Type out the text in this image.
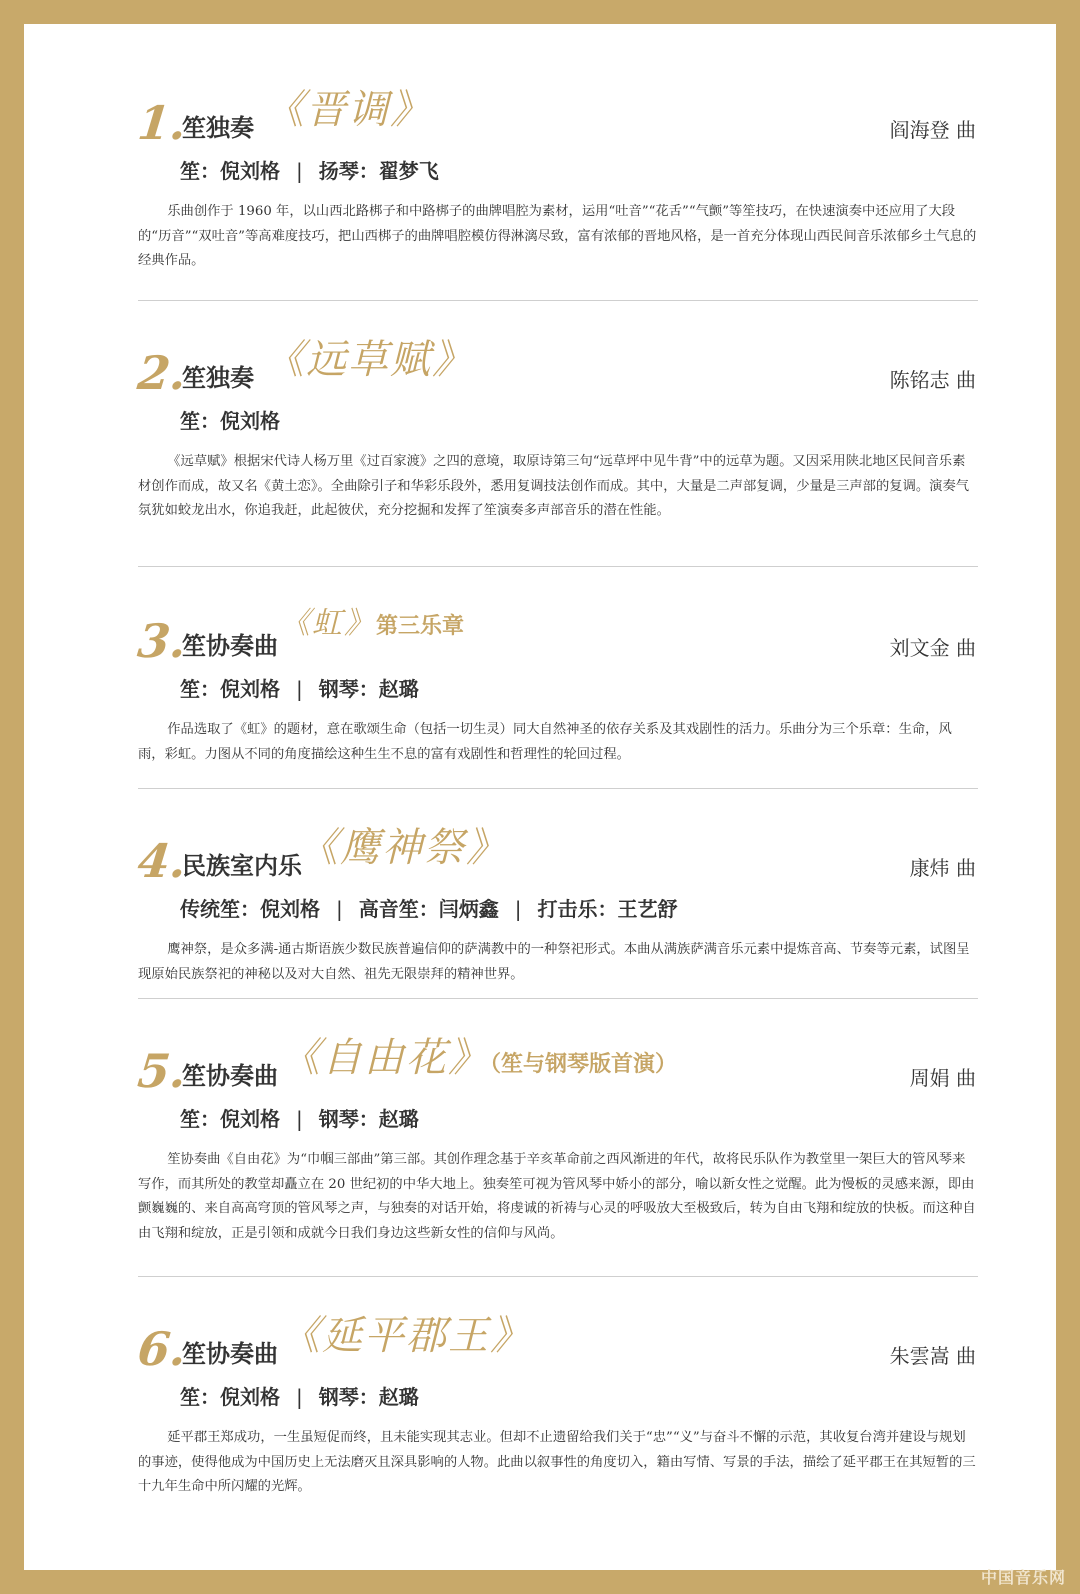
1.
笙独奏 《晋调》	阎海登 曲
笙：倪刘格 | 扬琴：翟梦飞

乐曲创作于 1960 年，以山西北路梆子和中路梆子的曲牌唱腔为素材，运用“吐音”“花舌”“气颤”等笙技巧，在快速演奏中还应用了大段的“历音”“双吐音”等高难度技巧，把山西梆子的曲牌唱腔模仿得淋漓尽致，富有浓郁的晋地风格，是一首充分体现山西民间音乐浓郁乡土气息的经典作品。

2.
笙独奏 《远草赋》	陈铭志 曲
笙：倪刘格

《远草赋》根据宋代诗人杨万里《过百家渡》之四的意境，取原诗第三句“远草坪中见牛背”中的远草为题。又因采用陕北地区民间音乐素材创作而成，故又名《黄土恋》。全曲除引子和华彩乐段外，悉用复调技法创作而成。其中，大量是二声部复调，少量是三声部的复调。演奏气氛犹如蛟龙出水，你追我赶，此起彼伏，充分挖掘和发挥了笙演奏多声部音乐的潜在性能。

3.
笙协奏曲
《虹》第三乐章
刘文金 曲
笙：倪刘格 | 钢琴：赵璐

作品选取了《虹》的题材，意在歌颂生命（包括一切生灵）同大自然神圣的依存关系及其戏剧性的活力。乐曲分为三个乐章：生命，风雨，彩虹。力图从不同的角度描绘这种生生不息的富有戏剧性和哲理性的轮回过程。

4.
民族室内乐
《鹰神祭》	康炜 曲
传统笙：倪刘格 | 高音笙：闫炳鑫 | 打击乐：王艺舒

鹰神祭，是众多满-通古斯语族少数民族普遍信仰的萨满教中的一种祭祀形式。本曲从满族萨满音乐元素中提炼音高、节奏等元素，试图呈现原始民族祭祀的神秘以及对大自然、祖先无限崇拜的精神世界。

5.
笙协奏曲 《自由花》（笙与钢琴版首演）
周娟 曲
笙：倪刘格 | 钢琴：赵璐

笙协奏曲《自由花》为“巾帼三部曲”第三部。其创作理念基于辛亥革命前之西风渐进的年代，故将民乐队作为教堂里一架巨大的管风琴来写作，而其所处的教堂却矗立在 20 世纪初的中华大地上。独奏笙可视为管风琴中娇小的部分，喻以新女性之觉醒。此为慢板的灵感来源，即由颤巍巍的、来自高高穹顶的管风琴之声，与独奏的对话开始，将虔诚的祈祷与心灵的呼吸放大至极致后，转为自由飞翔和绽放的快板。而这种自由飞翔和绽放，正是引领和成就今日我们身边这些新女性的信仰与风尚。

6.
笙协奏曲 《延平郡王》	朱雲嵩 曲
笙：倪刘格 | 钢琴：赵璐

延平郡王郑成功，一生虽短促而终，且未能实现其志业。但却不止遗留给我们关于“忠”“义”与奋斗不懈的示范，其收复台湾并建设与规划的事迹，使得他成为中国历史上无法磨灭且深具影响的人物。此曲以叙事性的角度切入，籍由写情、写景的手法，描绘了延平郡王在其短暂的三十九年生命中所闪耀的光辉。

中国音乐网
